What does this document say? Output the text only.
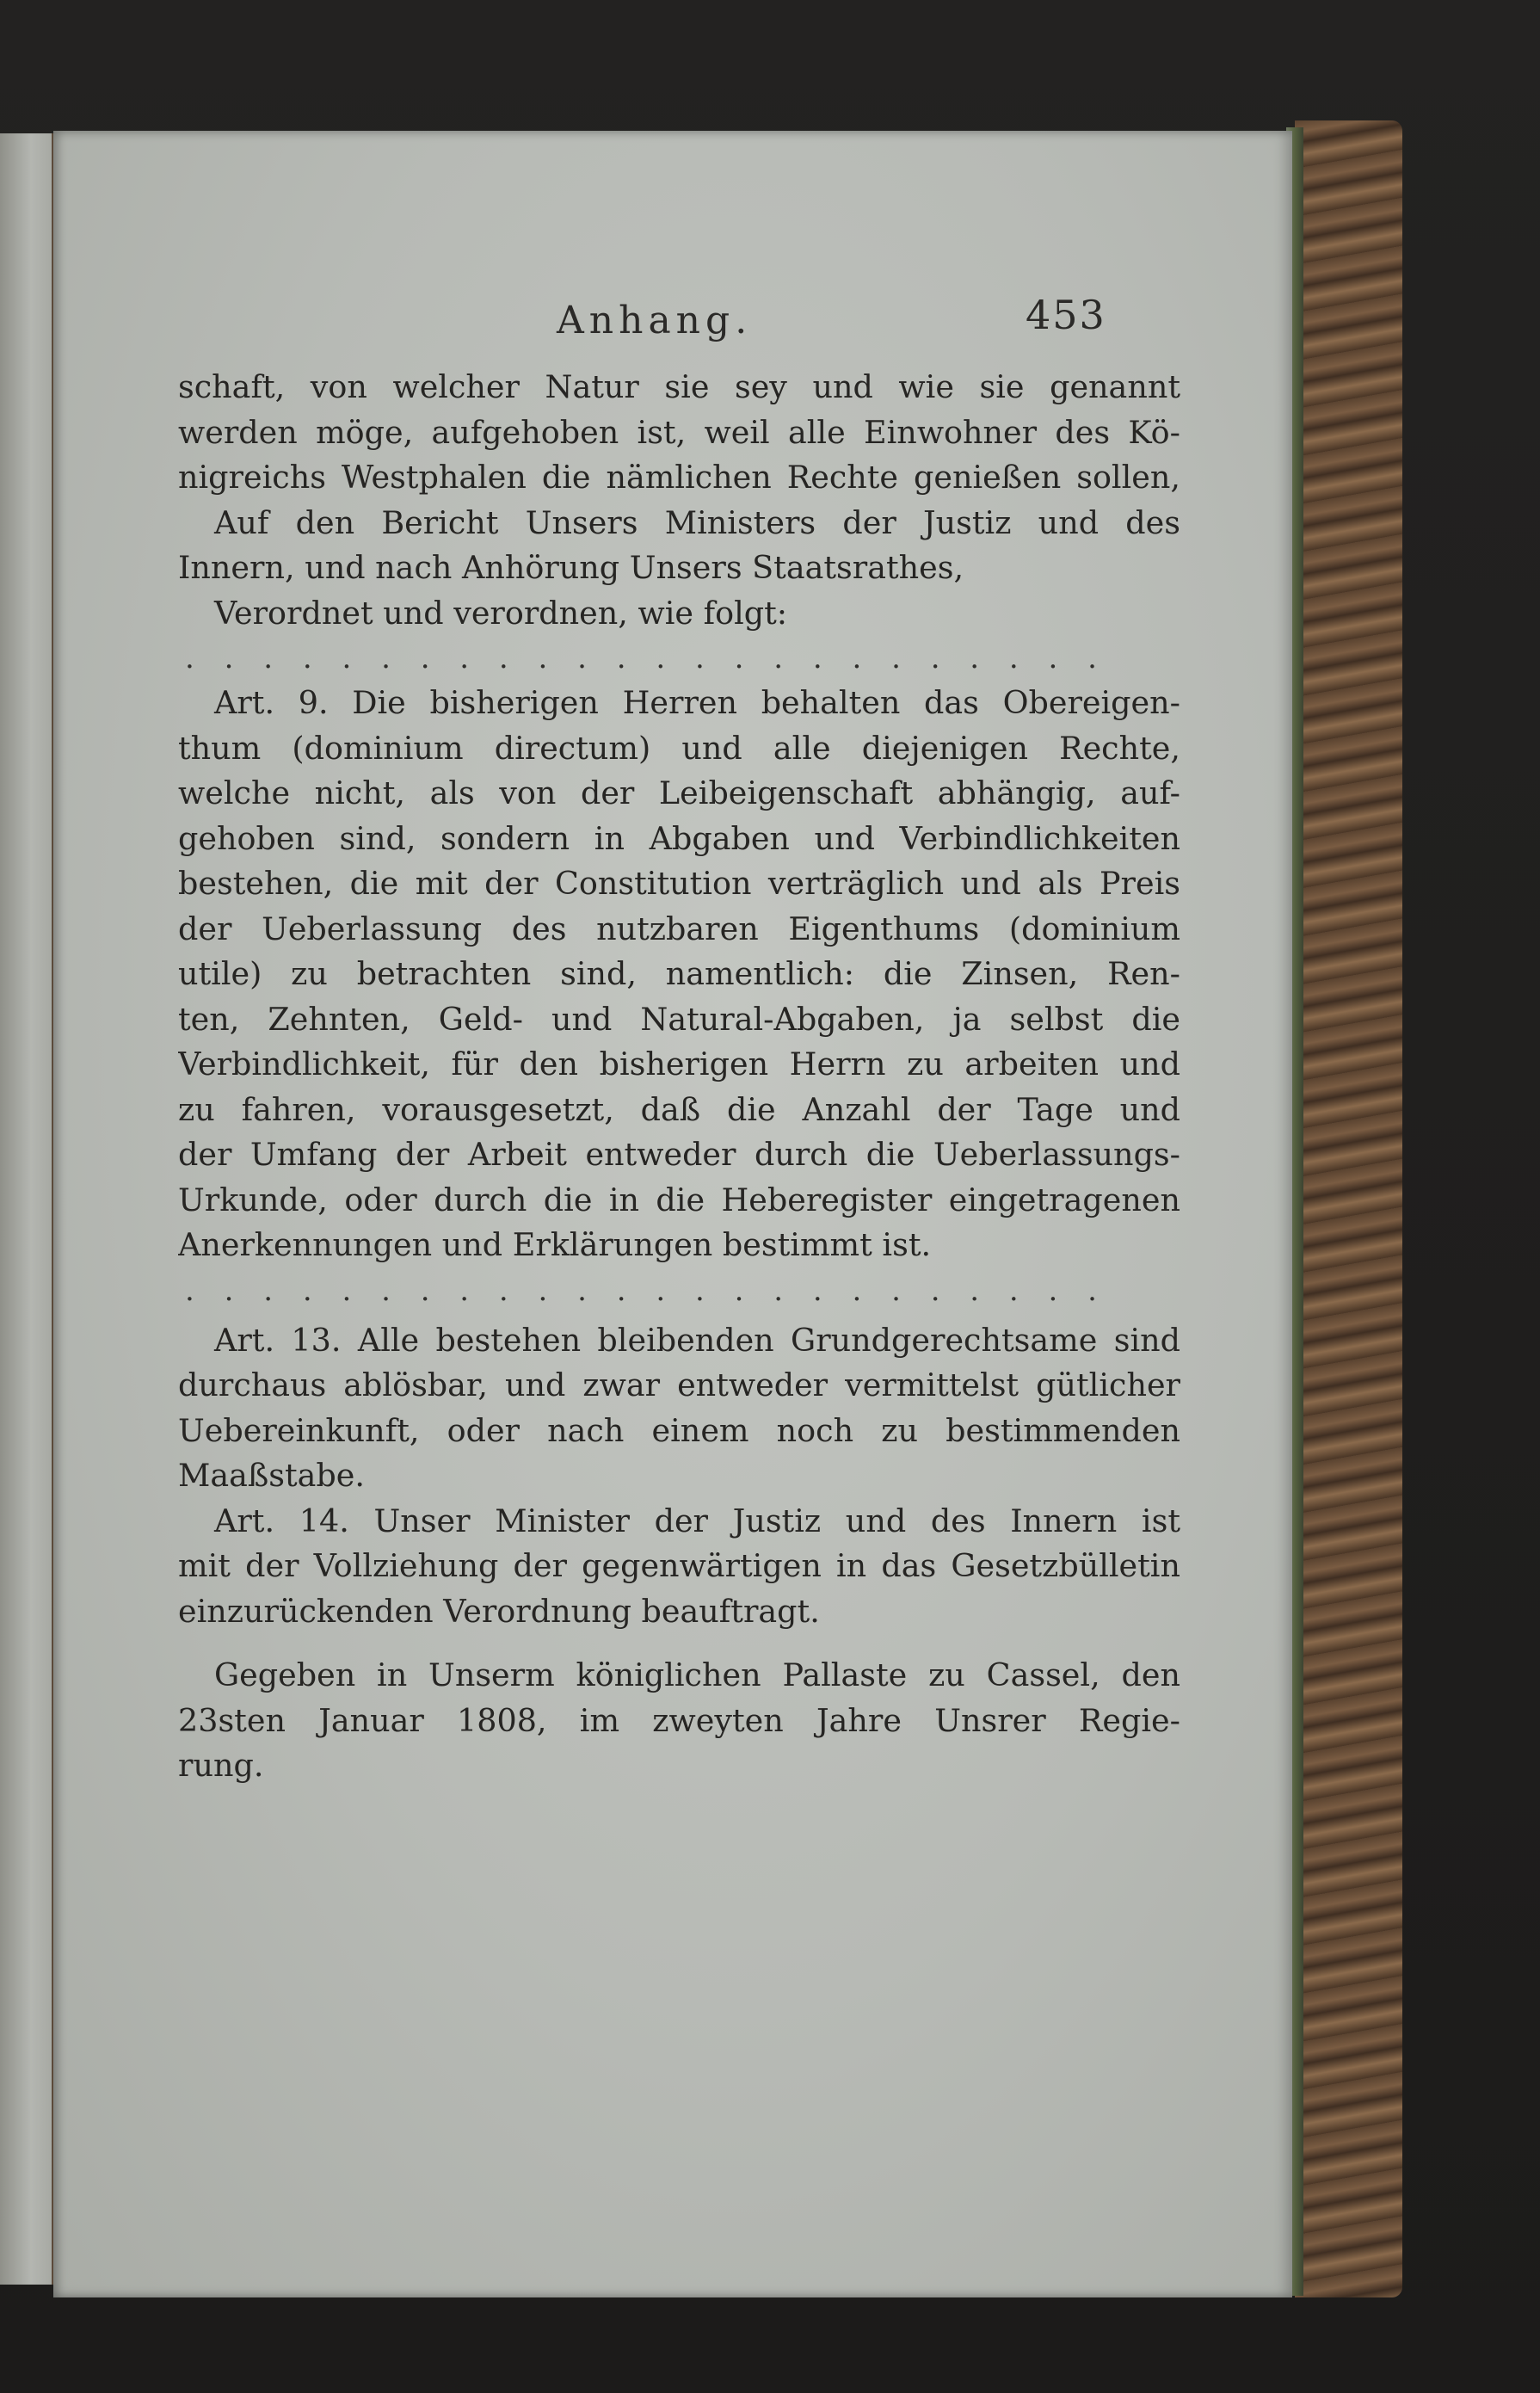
Anhang.	453
schaft, von welcher Natur sie sey und wie sie genannt
werden möge, aufgehoben ist, weil alle Einwohner des Kö-
nigreichs Westphalen die nämlichen Rechte genießen sollen,
Auf den Bericht Unsers Ministers der Justiz und des
Innern, und nach Anhörung Unsers Staatsrathes,
Verordnet und verordnen, wie folgt:
. . . . . . . . . . . . . . . . . . . . . . . .
Art. 9. Die bisherigen Herren behalten das Obereigen-
thum (dominium directum) und alle diejenigen Rechte,
welche nicht, als von der Leibeigenschaft abhängig, auf-
gehoben sind, sondern in Abgaben und Verbindlichkeiten
bestehen, die mit der Constitution verträglich und als Preis
der Ueberlassung des nutzbaren Eigenthums (dominium
utile) zu betrachten sind, namentlich: die Zinsen, Ren-
ten, Zehnten, Geld- und Natural-Abgaben, ja selbst die
Verbindlichkeit, für den bisherigen Herrn zu arbeiten und
zu fahren, vorausgesetzt, daß die Anzahl der Tage und
der Umfang der Arbeit entweder durch die Ueberlassungs-
Urkunde, oder durch die in die Heberegister eingetragenen
Anerkennungen und Erklärungen bestimmt ist.
. . . . . . . . . . . . . . . . . . . . . . . .
Art. 13. Alle bestehen bleibenden Grundgerechtsame sind
durchaus ablösbar, und zwar entweder vermittelst gütlicher
Uebereinkunft, oder nach einem noch zu bestimmenden
Maaßstabe.
Art. 14. Unser Minister der Justiz und des Innern ist
mit der Vollziehung der gegenwärtigen in das Gesetzbülletin
einzurückenden Verordnung beauftragt.
Gegeben in Unserm königlichen Pallaste zu Cassel, den
23sten Januar 1808, im zweyten Jahre Unsrer Regie-
rung.
